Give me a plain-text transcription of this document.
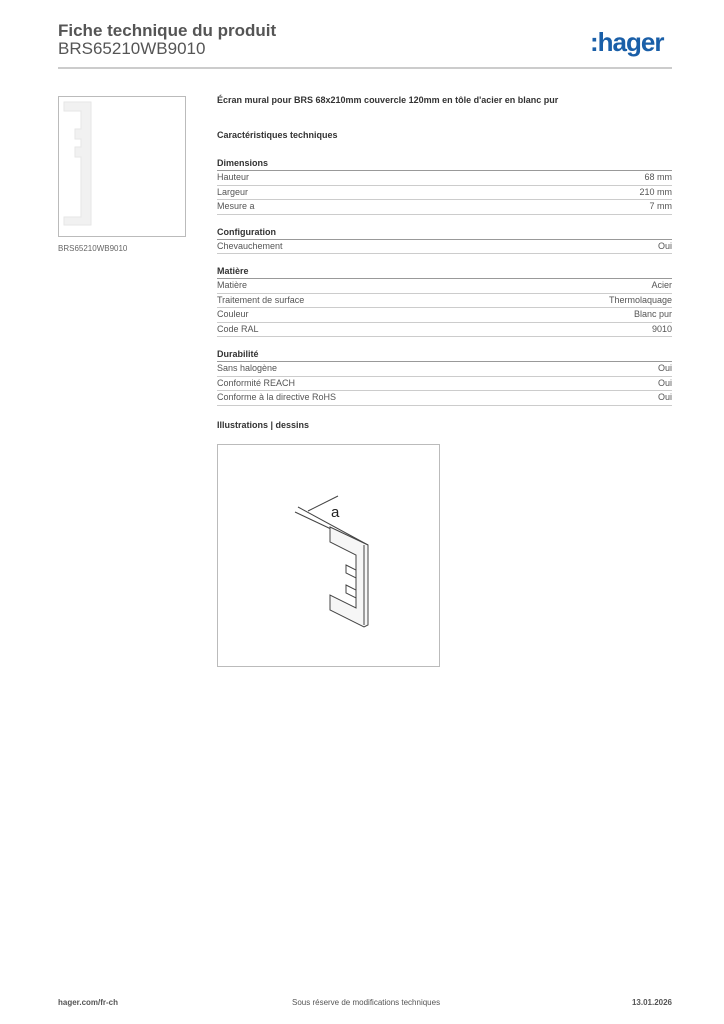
Fiche technique du produit
BRS65210WB9010	:hager
BRS65210WB9010
Écran mural pour BRS 68x210mm couvercle 120mm en tôle d'acier en blanc pur
Caractéristiques techniques
Dimensions
Hauteur	68 mm
Largeur	210 mm
Mesure a	7 mm
Configuration
Chevauchement	Oui
Matière
Matière	Acier
Traitement de surface	Thermolaquage
Couleur	Blanc pur
Code RAL	9010
Durabilité
Sans halogène	Oui
Conformité REACH	Oui
Conforme à la directive RoHS	Oui
Illustrations | dessins
a
hager.com/fr-ch	Sous réserve de modifications techniques	13.01.2026
